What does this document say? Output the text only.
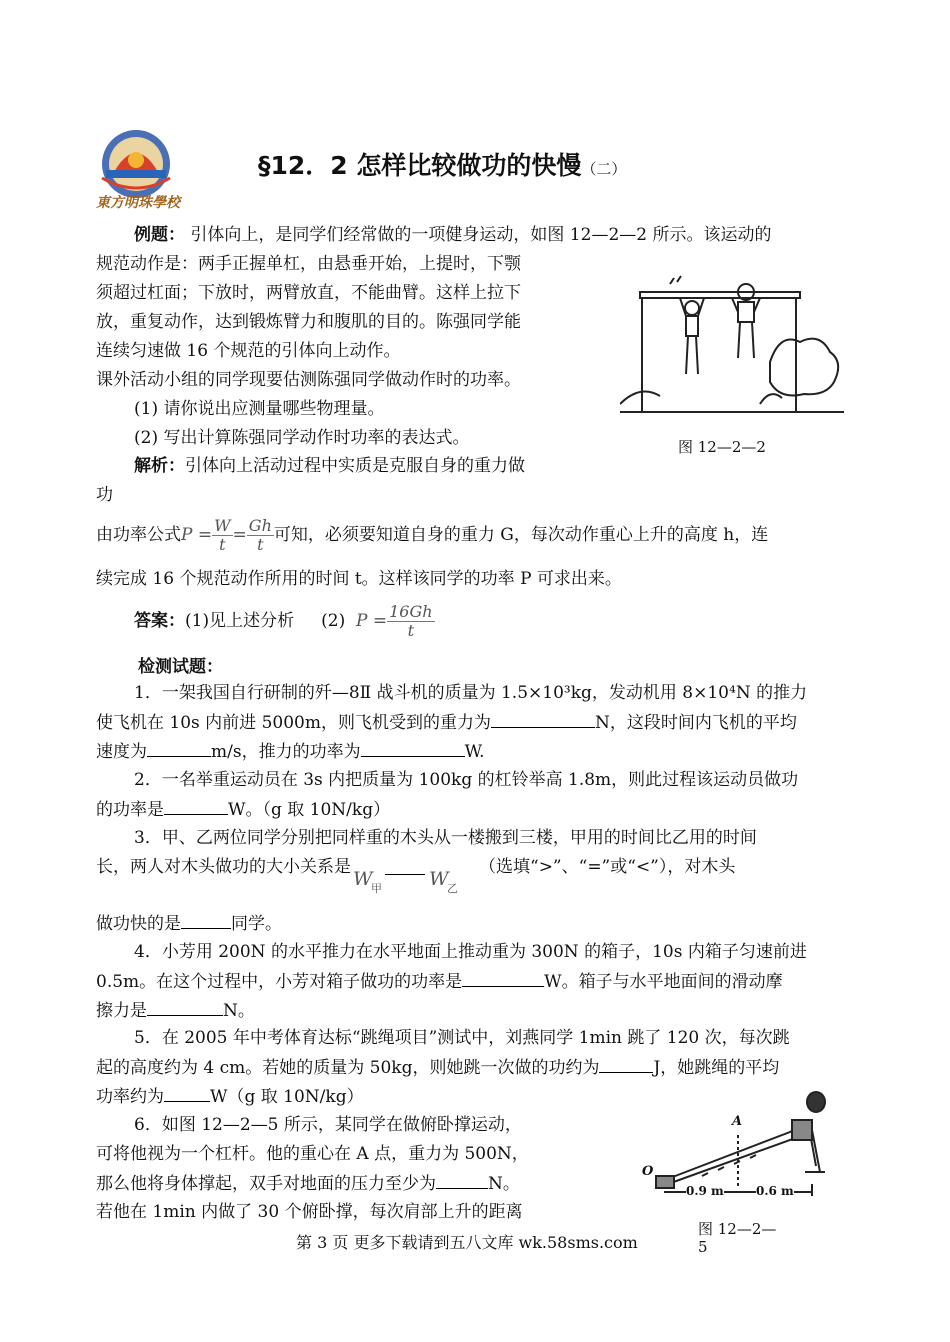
東方明珠學校
§12．2 怎样比较做功的快慢（二）
例题： 引体向上，是同学们经常做的一项健身运动，如图 12—2—2 所示。该运动的
规范动作是：两手正握单杠，由悬垂开始，上提时，下颚
须超过杠面；下放时，两臂放直，不能曲臂。这样上拉下
放，重复动作，达到锻炼臂力和腹肌的目的。陈强同学能
连续匀速做 16 个规范的引体向上动作。
课外活动小组的同学现要估测陈强同学做动作时的功率。
(1) 请你说出应测量哪些物理量。
(2) 写出计算陈强同学动作时功率的表达式。	图 12—2—2
解析：引体向上活动过程中实质是克服自身的重力做
功
由功率公式$P = \frac{W}{t} = \frac{Gh}{t}$ 可知，必须要知道自身的重力 G，每次动作重心上升的高度 h，连
续完成 16 个规范动作所用的时间 t。这样该同学的功率 P 可求出来。
答案：(1)见上述分析 (2) $P = \frac{16Gh}{t}$
检测试题：
1．一架我国自行研制的歼—8Ⅱ 战斗机的质量为 1.5×10³kg，发动机用 8×10⁴N 的推力
使飞机在 10s 内前进 5000m，则飞机受到的重力为	N，这段时间内飞机的平均
速度为	m/s，推力的功率为	W.
2．一名举重运动员在 3s 内把质量为 100kg 的杠铃举高 1.8m，则此过程该运动员做功
的功率是	W。（g 取 10N/kg）
3．甲、乙两位同学分别把同样重的木头从一楼搬到三楼，甲用的时间比乙用的时间
长，两人对木头做功的大小关系是
W
甲 W
乙
（选填“>”、“=”或“<”），对木头
做功快的是	同学。
4．小芳用 200N 的水平推力在水平地面上推动重为 300N 的箱子，10s 内箱子匀速前进
0.5m。在这个过程中，小芳对箱子做功的功率是	W。箱子与水平地面间的滑动摩
擦力是	N。
5．在 2005 年中考体育达标“跳绳项目”测试中，刘燕同学 1min 跳了 120 次，每次跳
起的高度约为 4 cm。若她的质量为 50kg，则她跳一次做的功约为	J，她跳绳的平均
功率约为	W（g 取 10N/kg）
6．如图 12—2—5 所示，某同学在做俯卧撑运动，
可将他视为一个杠杆。他的重心在 A 点，重力为 500N，
那么他将身体撑起，双手对地面的压力至少为	N。
若他在 1min 内做了 30 个俯卧撑，每次肩部上升的距离
A
O
0.9 m	0.6 m
图 12—2—
5
第 3 页 更多下载请到五八文库 wk.58sms.com
